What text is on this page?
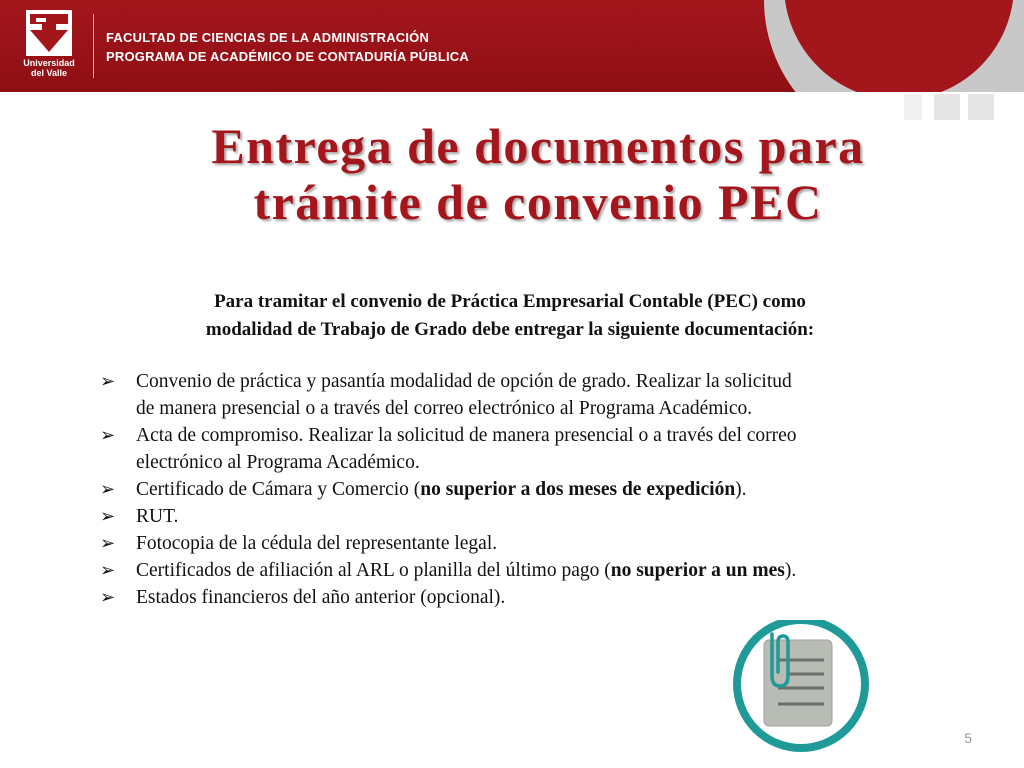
Universidad
del Valle
FACULTAD DE CIENCIAS DE LA ADMINISTRACIÓN
PROGRAMA DE ACADÉMICO DE CONTADURÍA PÚBLICA
Entrega de documentos para
trámite de convenio PEC
Para tramitar el convenio de Práctica Empresarial Contable (PEC) como
modalidad de Trabajo de Grado debe entregar la siguiente documentación:
➢	Convenio de práctica y pasantía modalidad de opción de grado. Realizar la solicitud
de manera presencial o a través del correo electrónico al Programa Académico.
➢	Acta de compromiso. Realizar la solicitud de manera presencial o a través del correo
electrónico al Programa Académico.
➢	Certificado de Cámara y Comercio (no superior a dos meses de expedición).
➢	RUT.
➢	Fotocopia de la cédula del representante legal.
➢	Certificados de afiliación al ARL o planilla del último pago (no superior a un mes).
➢	Estados financieros del año anterior (opcional).
5
